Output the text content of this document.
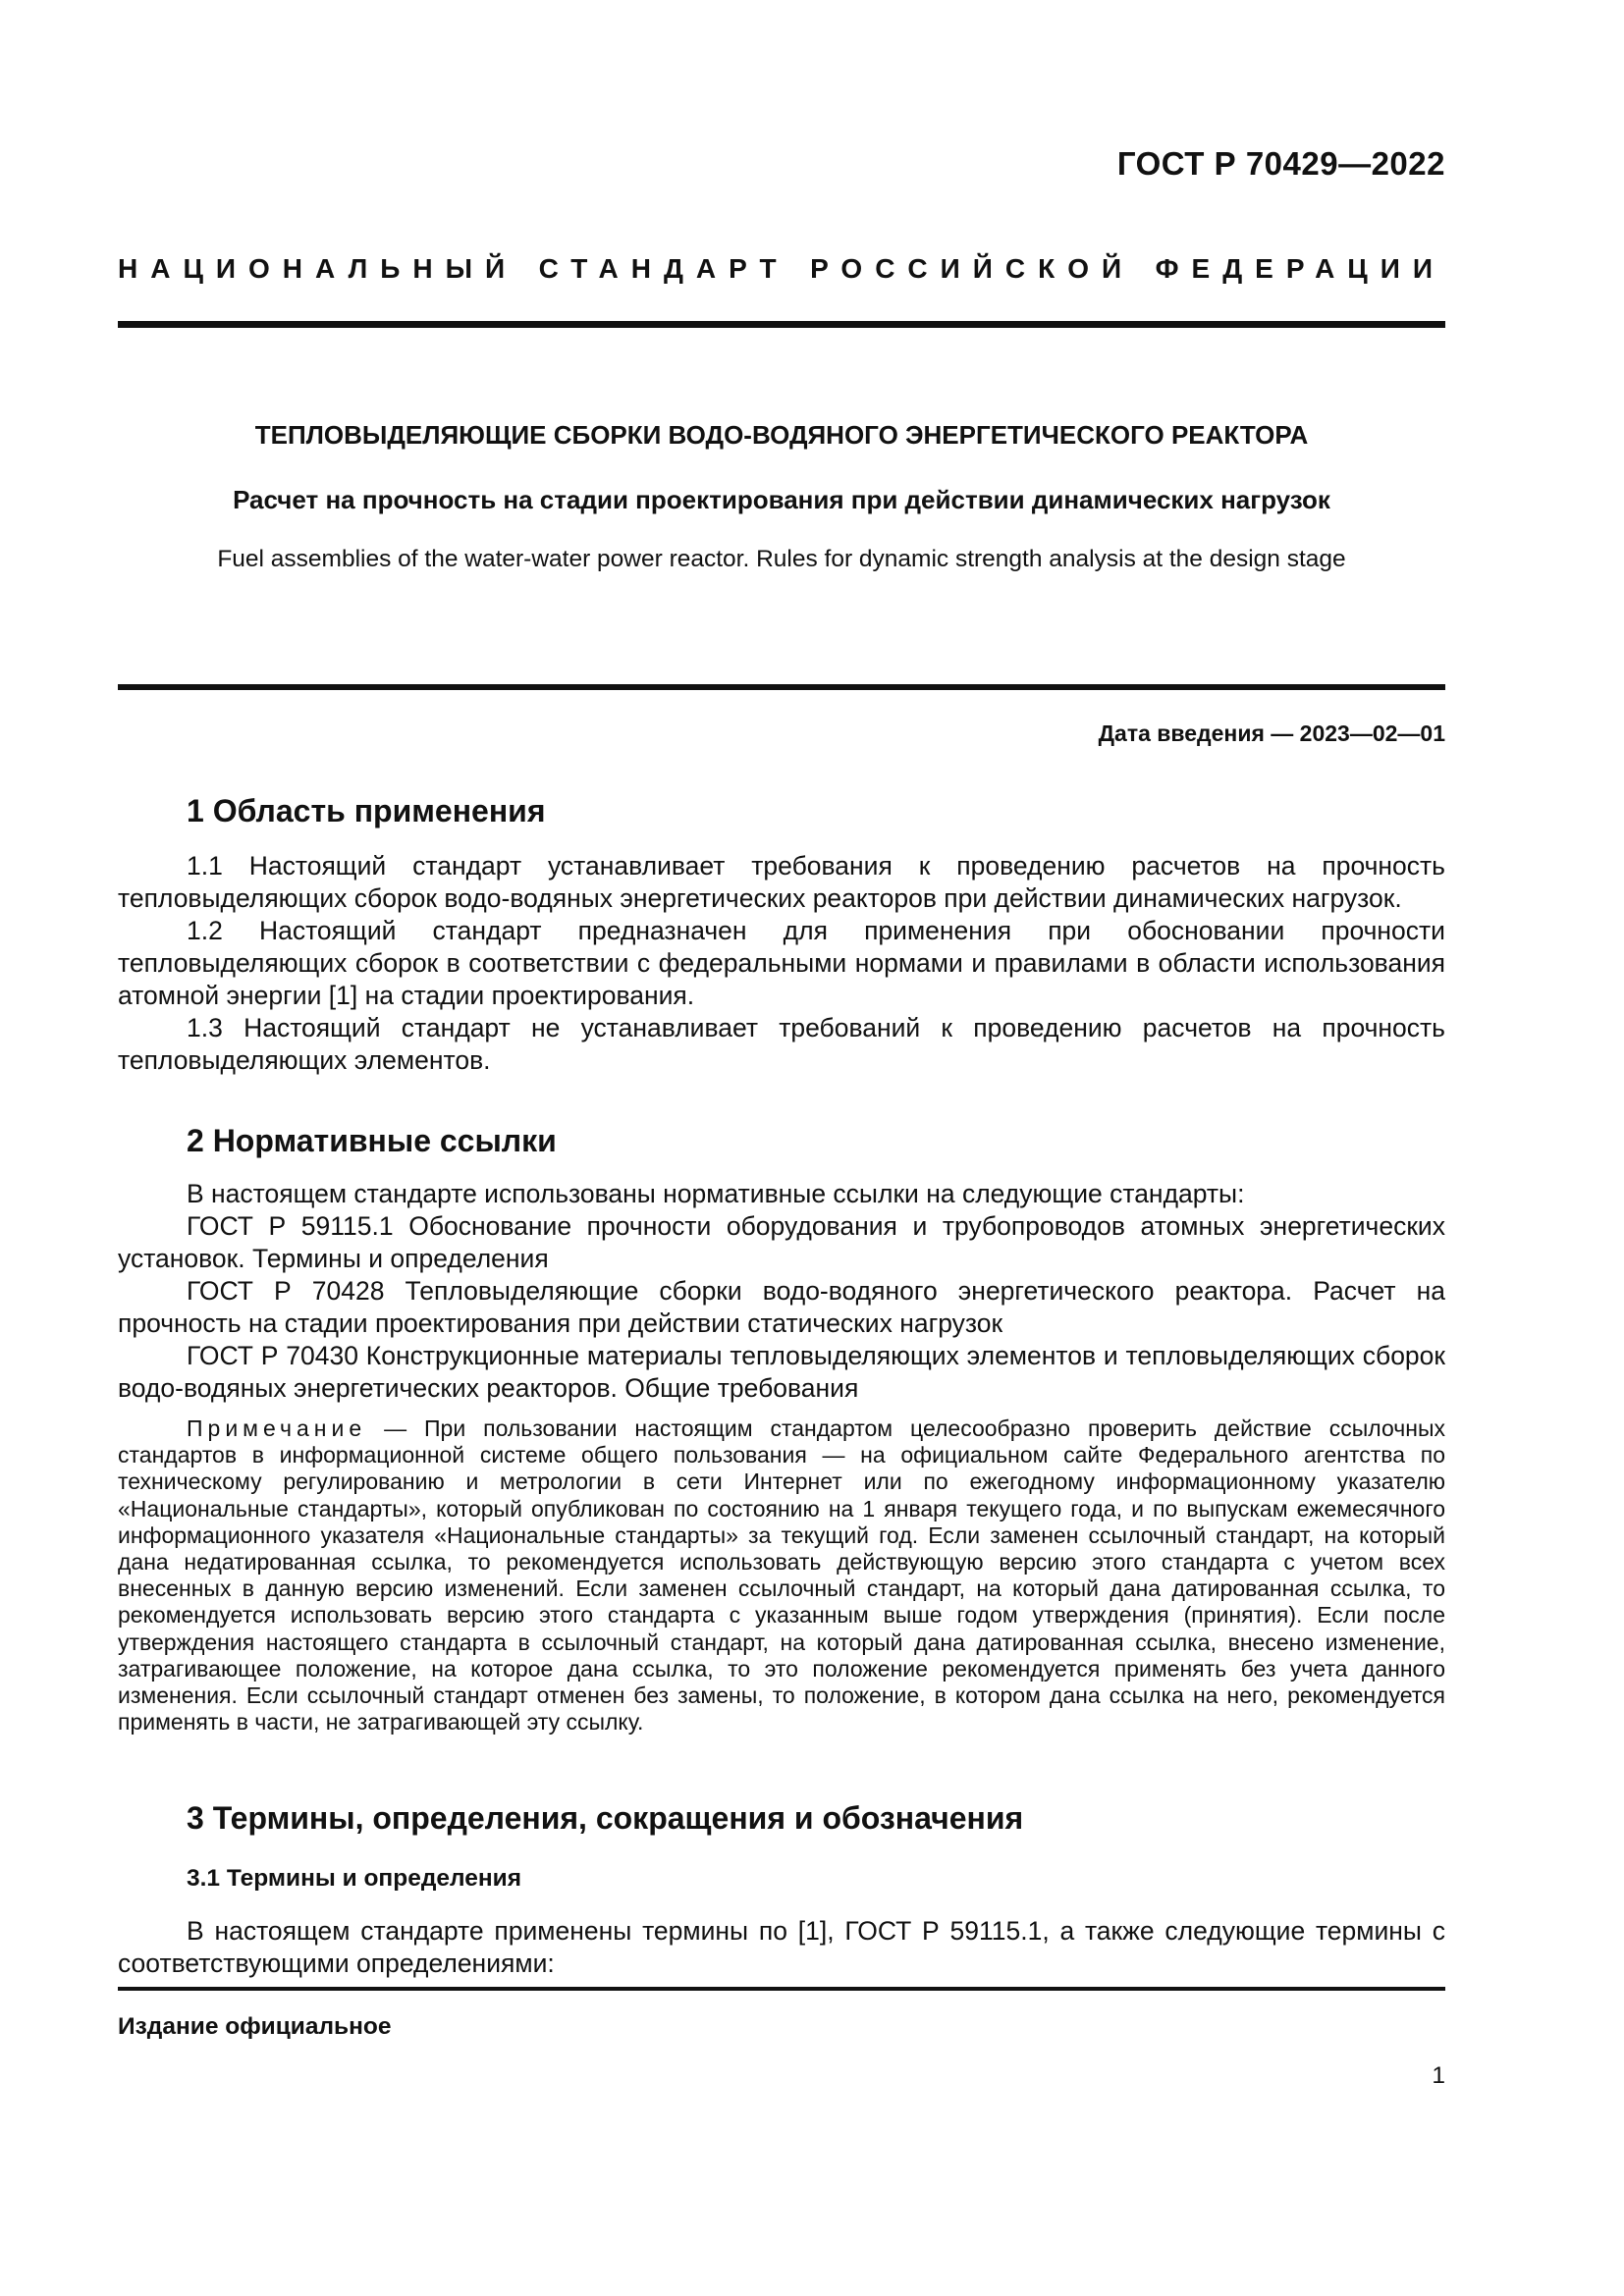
ГОСТ Р 70429—2022
НАЦИОНАЛЬНЫЙ СТАНДАРТ РОССИЙСКОЙ ФЕДЕРАЦИИ
ТЕПЛОВЫДЕЛЯЮЩИЕ СБОРКИ ВОДО-ВОДЯНОГО ЭНЕРГЕТИЧЕСКОГО РЕАКТОРА
Расчет на прочность на стадии проектирования при действии динамических нагрузок
Fuel assemblies of the water-water power reactor. Rules for dynamic strength analysis at the design stage
Дата введения — 2023—02—01
1 Область применения

1.1 Настоящий стандарт устанавливает требования к проведению расчетов на прочность тепловыделяющих сборок водо-водяных энергетических реакторов при действии динамических нагрузок.

1.2 Настоящий стандарт предназначен для применения при обосновании прочности тепловыделяющих сборок в соответствии с федеральными нормами и правилами в области использования атомной энергии [1] на стадии проектирования.

1.3 Настоящий стандарт не устанавливает требований к проведению расчетов на прочность тепловыделяющих элементов.

2 Нормативные ссылки

В настоящем стандарте использованы нормативные ссылки на следующие стандарты:

ГОСТ Р 59115.1 Обоснование прочности оборудования и трубопроводов атомных энергетических установок. Термины и определения

ГОСТ Р 70428 Тепловыделяющие сборки водо-водяного энергетического реактора. Расчет на прочность на стадии проектирования при действии статических нагрузок

ГОСТ Р 70430 Конструкционные материалы тепловыделяющих элементов и тепловыделяющих сборок водо-водяных энергетических реакторов. Общие требования

Примечание — При пользовании настоящим стандартом целесообразно проверить действие ссылочных стандартов в информационной системе общего пользования — на официальном сайте Федерального агентства по техническому регулированию и метрологии в сети Интернет или по ежегодному информационному указателю «Национальные стандарты», который опубликован по состоянию на 1 января текущего года, и по выпускам ежемесячного информационного указателя «Национальные стандарты» за текущий год. Если заменен ссылочный стандарт, на который дана недатированная ссылка, то рекомендуется использовать действующую версию этого стандарта с учетом всех внесенных в данную версию изменений. Если заменен ссылочный стандарт, на который дана датированная ссылка, то рекомендуется использовать версию этого стандарта с указанным выше годом утверждения (принятия). Если после утверждения настоящего стандарта в ссылочный стандарт, на который дана датированная ссылка, внесено изменение, затрагивающее положение, на которое дана ссылка, то это положение рекомендуется применять без учета данного изменения. Если ссылочный стандарт отменен без замены, то положение, в котором дана ссылка на него, рекомендуется применять в части, не затрагивающей эту ссылку.

3 Термины, определения, сокращения и обозначения
3.1 Термины и определения

В настоящем стандарте применены термины по [1], ГОСТ Р 59115.1, а также следующие термины с соответствующими определениями:

Издание официальное
1
